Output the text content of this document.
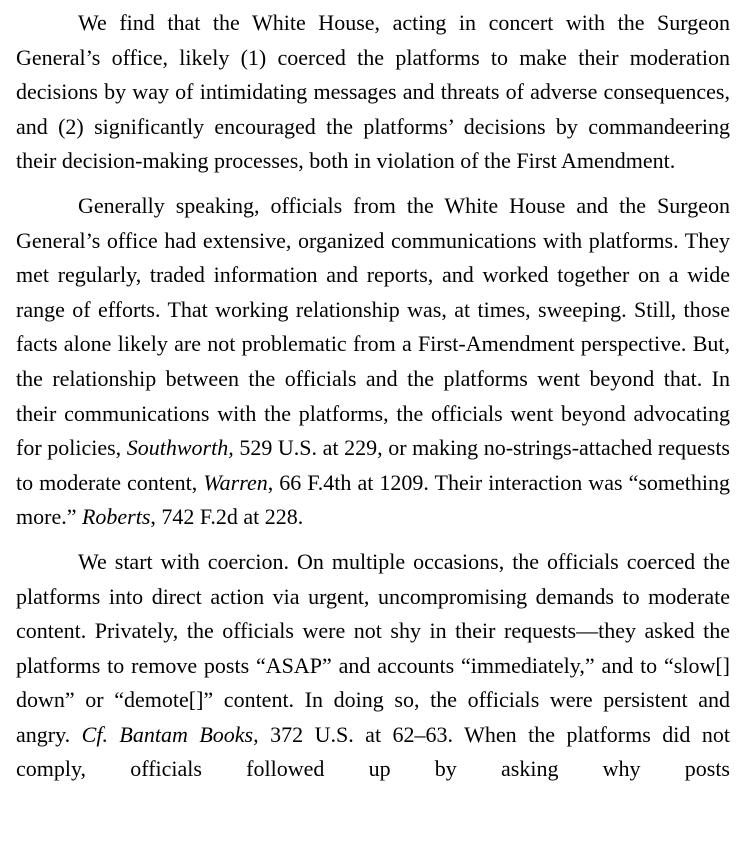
We find that the White House, acting in concert with the Surgeon General’s office, likely (1) coerced the platforms to make their moderation decisions by way of intimidating messages and threats of adverse consequences, and (2) significantly encouraged the platforms’ decisions by commandeering their decision-making processes, both in violation of the First Amendment.

Generally speaking, officials from the White House and the Surgeon General’s office had extensive, organized communications with platforms. They met regularly, traded information and reports, and worked together on a wide range of efforts. That working relationship was, at times, sweeping. Still, those facts alone likely are not problematic from a First-Amendment perspective. But, the relationship between the officials and the platforms went beyond that. In their communications with the platforms, the officials went beyond advocating for policies, Southworth, 529 U.S. at 229, or making no-strings-attached requests to moderate content, Warren, 66 F.4th at 1209. Their interaction was “something more.” Roberts, 742 F.2d at 228.

We start with coercion. On multiple occasions, the officials coerced the platforms into direct action via urgent, uncompromising demands to moderate content. Privately, the officials were not shy in their requests—they asked the platforms to remove posts “ASAP” and accounts “immediately,” and to “slow[] down” or “demote[]” content. In doing so, the officials were persistent and angry. Cf. Bantam Books, 372 U.S. at 62–63. When the platforms did not comply, officials followed up by asking why posts
